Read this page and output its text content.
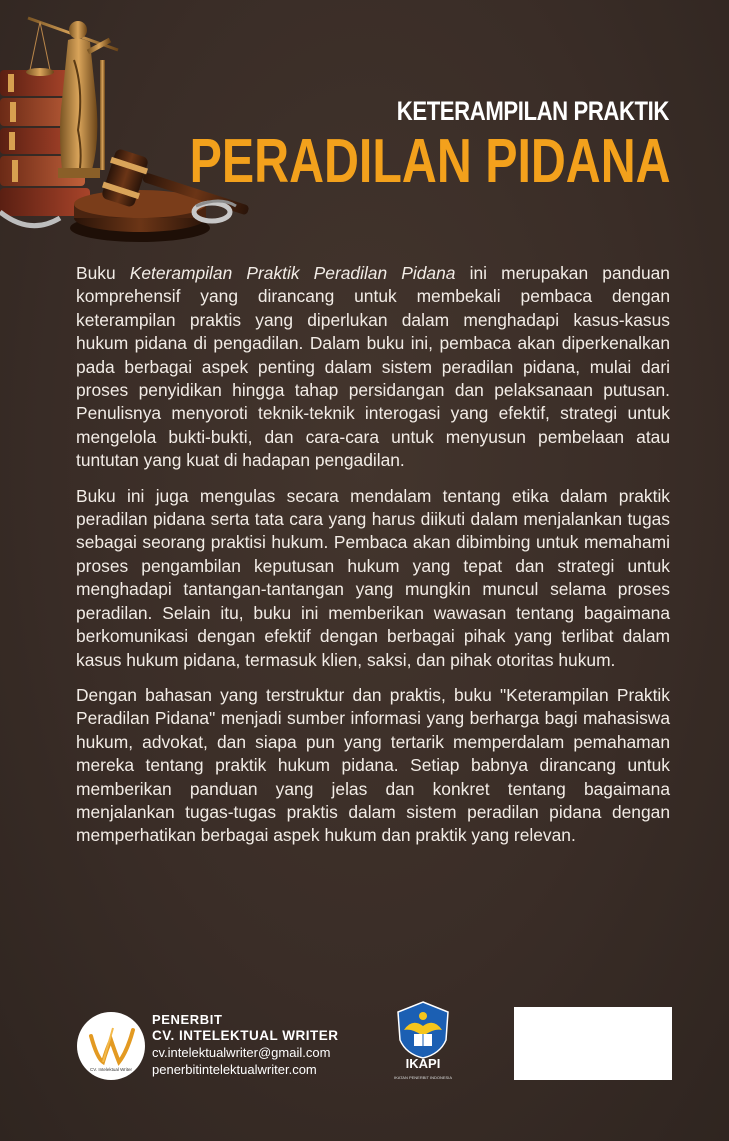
KETERAMPILAN PRAKTIK
PERADILAN PIDANA

Buku Keterampilan Praktik Peradilan Pidana ini merupakan panduan komprehensif yang dirancang untuk membekali pembaca dengan keterampilan praktis yang diperlukan dalam menghadapi kasus-kasus hukum pidana di pengadilan. Dalam buku ini, pembaca akan diperkenalkan pada berbagai aspek penting dalam sistem peradilan pidana, mulai dari proses penyidikan hingga tahap persidangan dan pelaksanaan putusan. Penulisnya menyoroti teknik-teknik interogasi yang efektif, strategi untuk mengelola bukti-bukti, dan cara-cara untuk menyusun pembelaan atau tuntutan yang kuat di hadapan pengadilan.

Buku ini juga mengulas secara mendalam tentang etika dalam praktik peradilan pidana serta tata cara yang harus diikuti dalam menjalankan tugas sebagai seorang praktisi hukum. Pembaca akan dibimbing untuk memahami proses pengambilan keputusan hukum yang tepat dan strategi untuk menghadapi tantangan-tantangan yang mungkin muncul selama proses peradilan. Selain itu, buku ini memberikan wawasan tentang bagaimana berkomunikasi dengan efektif dengan berbagai pihak yang terlibat dalam kasus hukum pidana, termasuk klien, saksi, dan pihak otoritas hukum.

Dengan bahasan yang terstruktur dan praktis, buku "Keterampilan Praktik Peradilan Pidana" menjadi sumber informasi yang berharga bagi mahasiswa hukum, advokat, dan siapa pun yang tertarik memperdalam pemahaman mereka tentang praktik hukum pidana. Setiap babnya dirancang untuk memberikan panduan yang jelas dan konkret tentang bagaimana menjalankan tugas-tugas praktis dalam sistem peradilan pidana dengan memperhatikan berbagai aspek hukum dan praktik yang relevan.

CV. Intelektual Writer
PENERBIT
CV. INTELEKTUAL WRITER
cv.intelektualwriter@gmail.com
penerbitintelektualwriter.com
IKATAN PENERBIT INDONESIA
IKAPI
